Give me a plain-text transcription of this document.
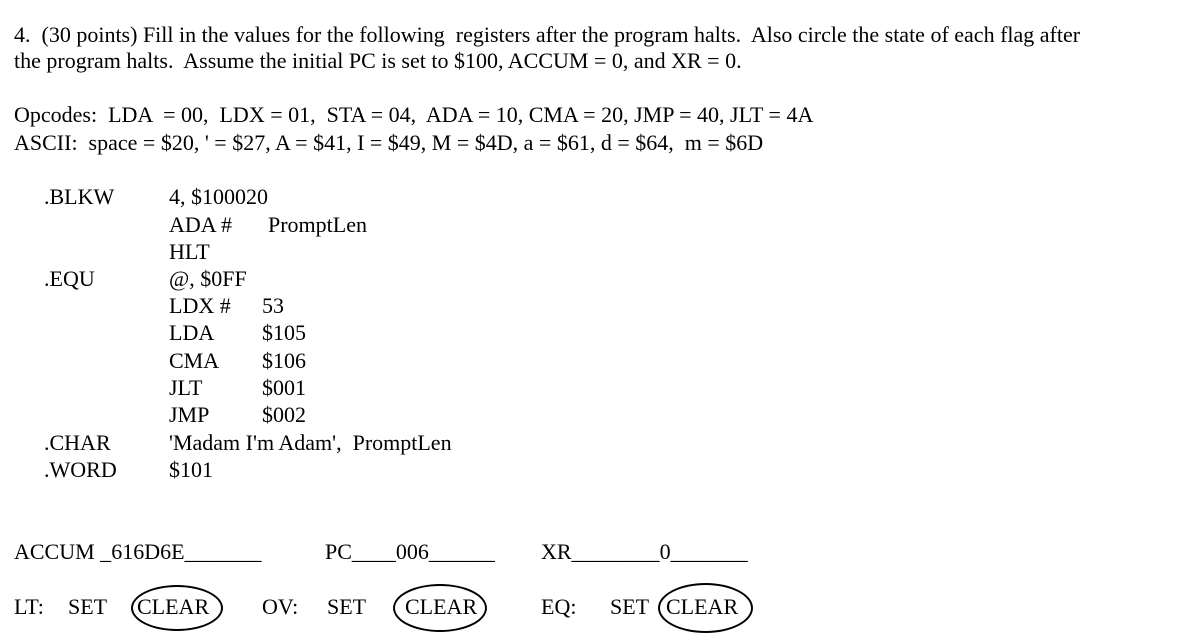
4.  (30 points) Fill in the values for the following  registers after the program halts.  Also circle the state of each flag after
the program halts.  Assume the initial PC is set to $100, ACCUM = 0, and XR = 0.
Opcodes:  LDA  = 00,  LDX = 01,  STA = 04,  ADA = 10, CMA = 20, JMP = 40, JLT = 4A
ASCII:  space = $20, ' = $27, A = $41, I = $49, M = $4D, a = $61, d = $64,  m = $6D
.BLKW 4, $100020
ADA # PromptLen
HLT
.EQU	@, $0FF
LDX # 53
LDA $105
CMA $106
JLT	$001
JMP $002
.CHAR	'Madam I'm Adam',  PromptLen
.WORD $101
ACCUM _616D6E_______	PC____006______ XR________0_______
LT: SET CLEAR OV: SET CLEAR	EQ: SET CLEAR
